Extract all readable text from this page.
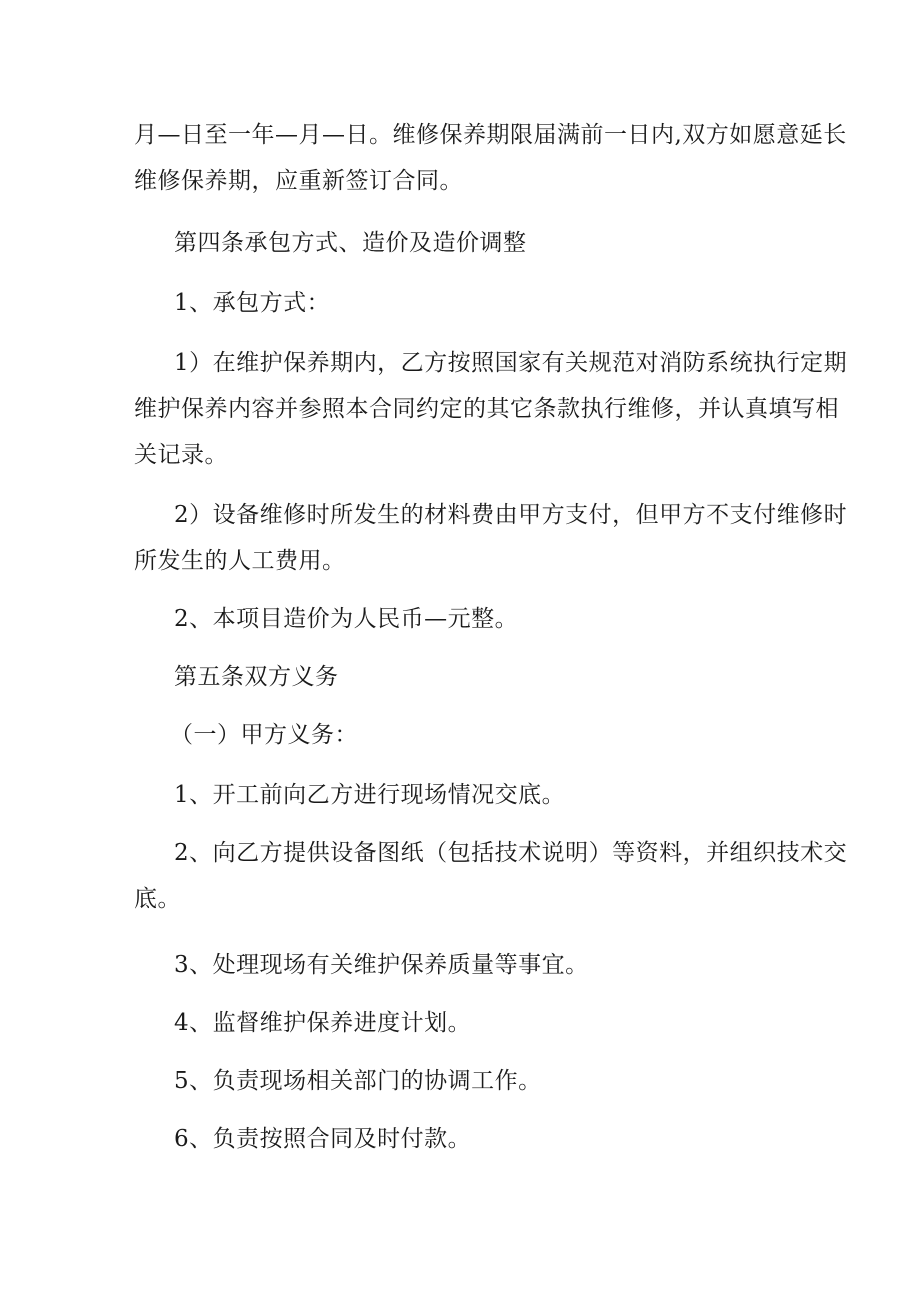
月—日至一年—月—日。维修保养期限届满前一日内,双方如愿意延长
维修保养期，应重新签订合同。
第四条承包方式、造价及造价调整
1、承包方式：
1）在维护保养期内，乙方按照国家有关规范对消防系统执行定期
维护保养内容并参照本合同约定的其它条款执行维修，并认真填写相
关记录。
2）设备维修时所发生的材料费由甲方支付，但甲方不支付维修时
所发生的人工费用。
2、本项目造价为人民币—元整。
第五条双方义务
（一）甲方义务：
1、开工前向乙方进行现场情况交底。
2、向乙方提供设备图纸（包括技术说明）等资料，并组织技术交
底。
3、处理现场有关维护保养质量等事宜。
4、监督维护保养进度计划。
5、负责现场相关部门的协调工作。
6、负责按照合同及时付款。
